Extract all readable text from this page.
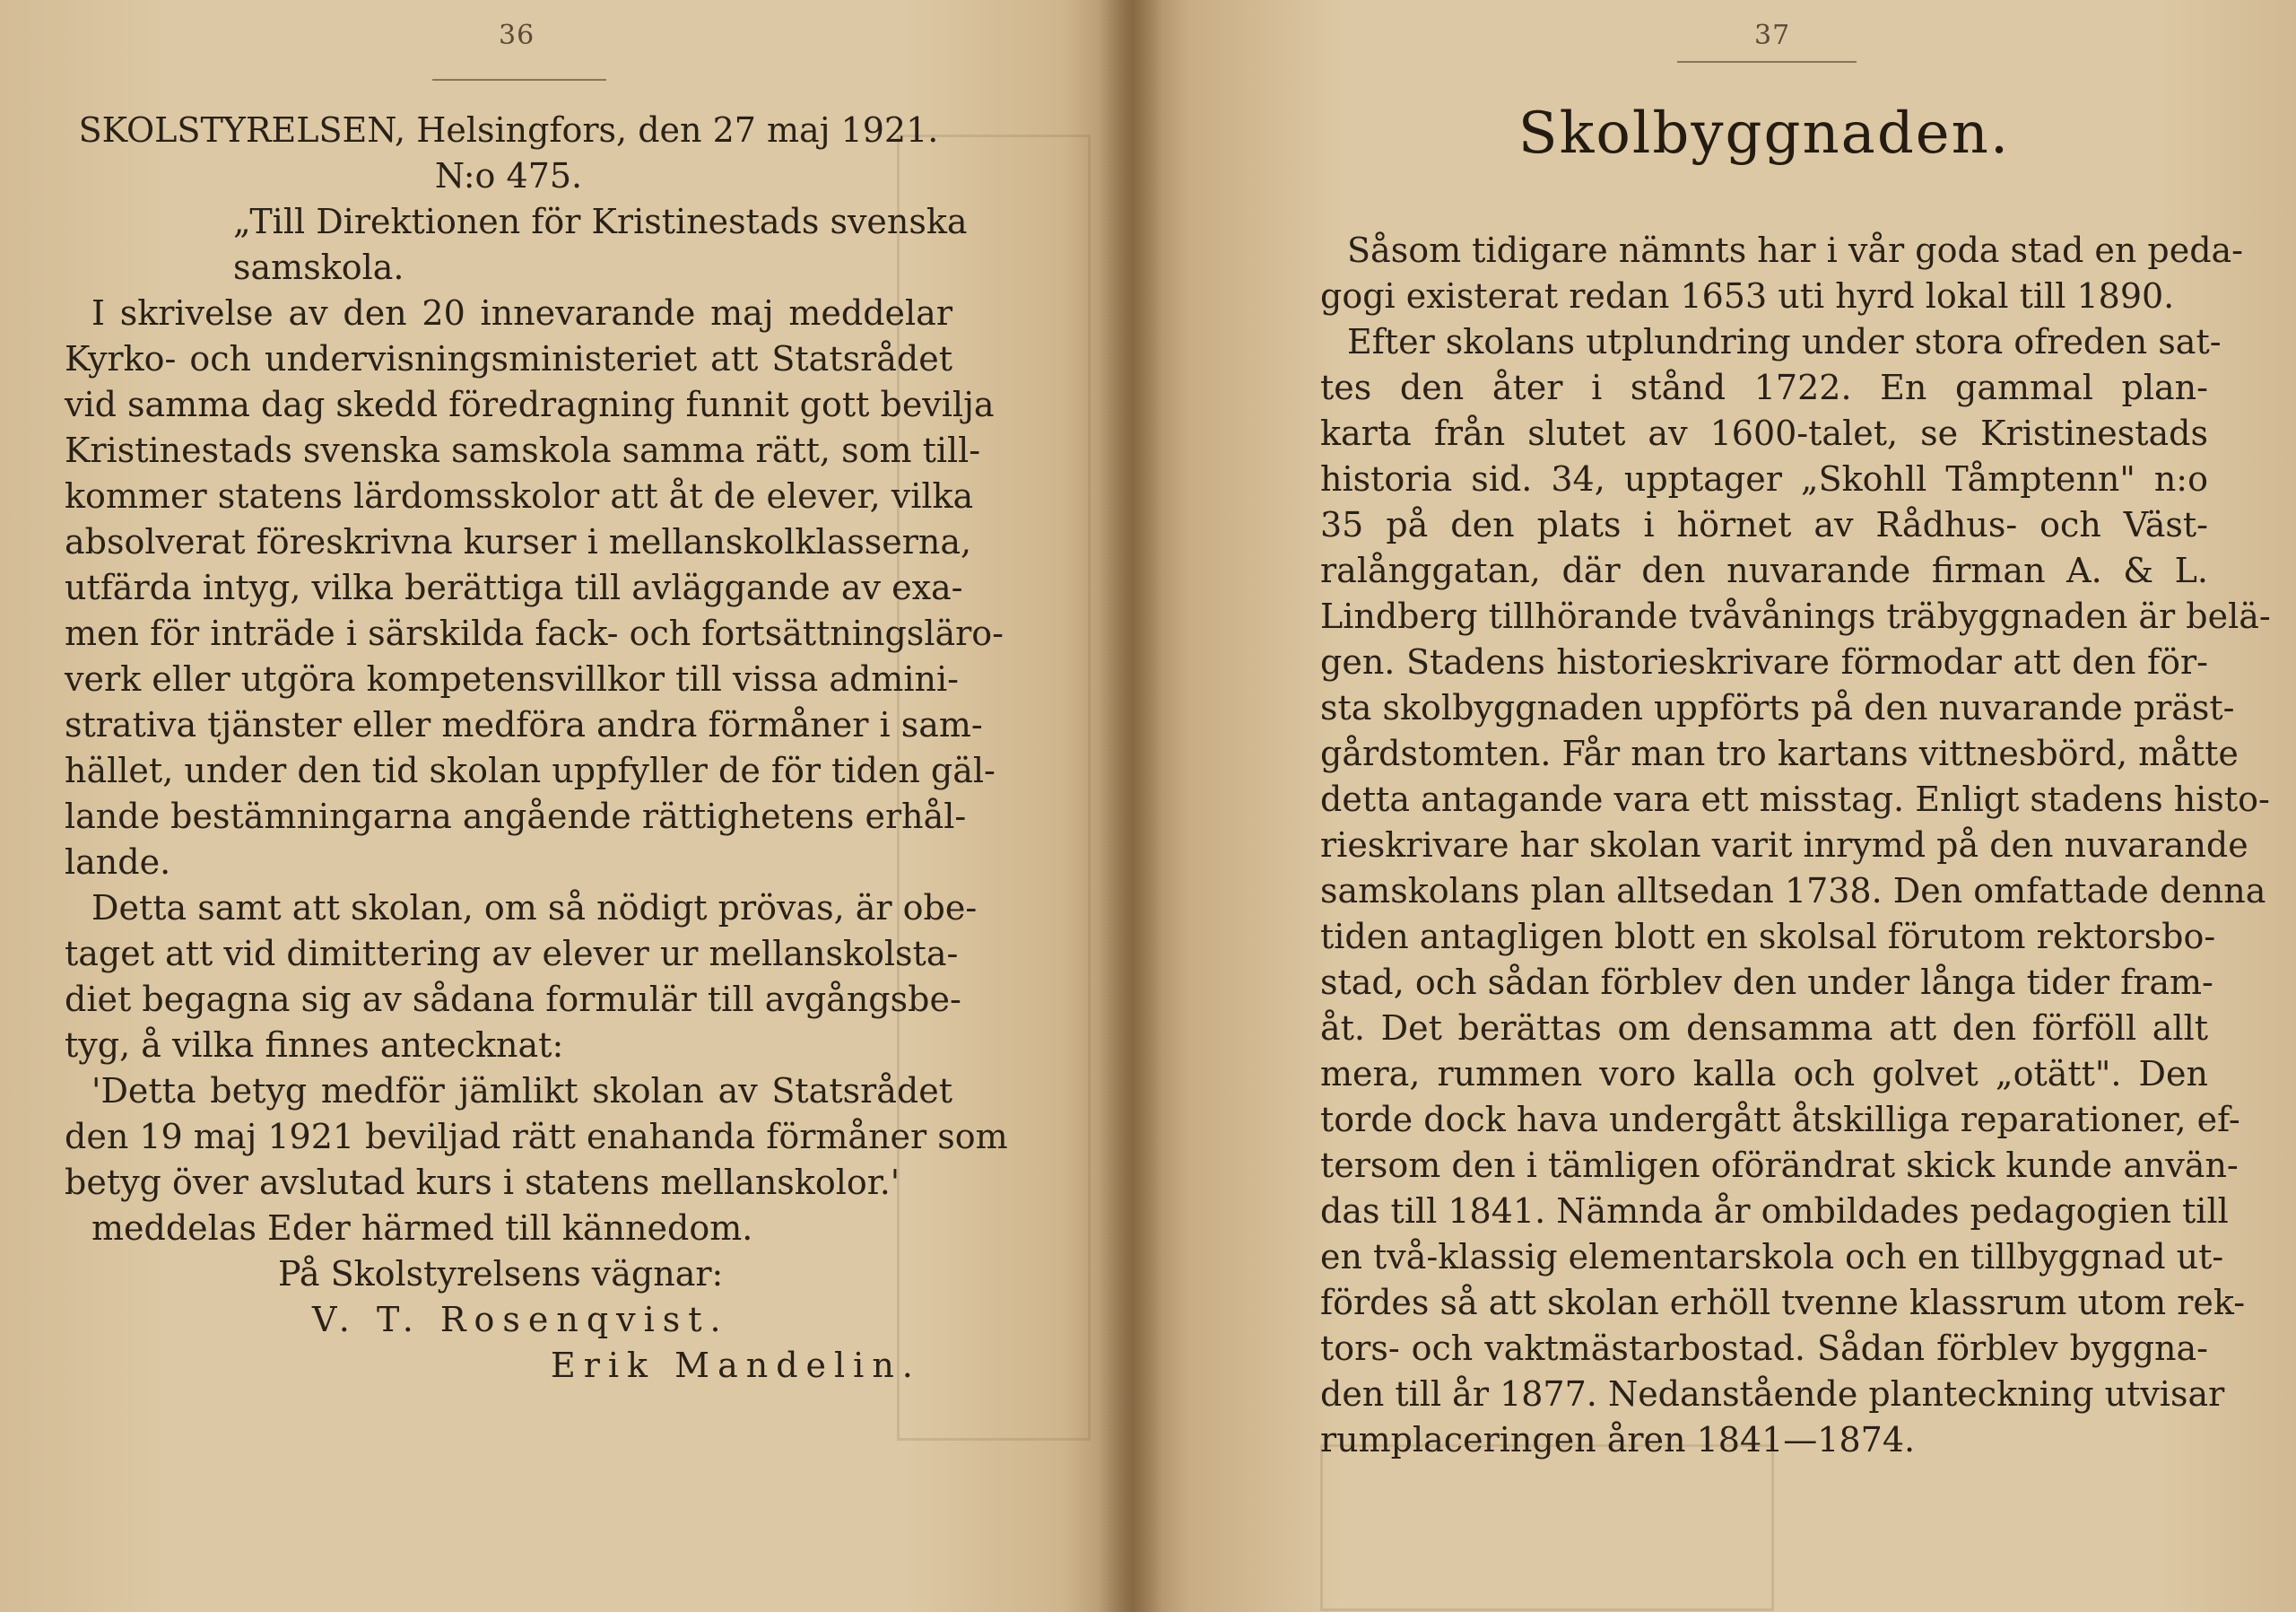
36	37
SKOLSTYRELSEN, Helsingfors, den 27 maj 1921.
N:o 475.
„Till Direktionen för Kristinestads svenska
samskola.
I skrivelse av den 20 innevarande maj meddelar
Kyrko- och undervisningsministeriet att Statsrådet
vid samma dag skedd föredragning funnit gott bevilja
Kristinestads svenska samskola samma rätt, som till-
kommer statens lärdomsskolor att åt de elever, vilka
absolverat föreskrivna kurser i mellanskolklasserna,
utfärda intyg, vilka berättiga till avläggande av exa-
men för inträde i särskilda fack- och fortsättningsläro-
verk eller utgöra kompetensvillkor till vissa admini-
strativa tjänster eller medföra andra förmåner i sam-
hället, under den tid skolan uppfyller de för tiden gäl-
lande bestämningarna angående rättighetens erhål-
lande.
Detta samt att skolan, om så nödigt prövas, är obe-
taget att vid dimittering av elever ur mellanskolsta-
diet begagna sig av sådana formulär till avgångsbe-
tyg, å vilka finnes antecknat:
'Detta betyg medför jämlikt skolan av Statsrådet
den 19 maj 1921 beviljad rätt enahanda förmåner som
betyg över avslutad kurs i statens mellanskolor.'
meddelas Eder härmed till kännedom.
På Skolstyrelsens vägnar:
V. T. Rosenqvist.
Erik Mandelin.
Skolbyggnaden.
Såsom tidigare nämnts har i vår goda stad en peda-
gogi existerat redan 1653 uti hyrd lokal till 1890.
Efter skolans utplundring under stora ofreden sat-
tes den åter i stånd 1722. En gammal plan-
karta från slutet av 1600-talet, se Kristinestads
historia sid. 34, upptager „Skohll Tåmptenn" n:o
35 på den plats i hörnet av Rådhus- och Väst-
ralånggatan, där den nuvarande firman A. & L.
Lindberg tillhörande tvåvånings träbyggnaden är belä-
gen. Stadens historieskrivare förmodar att den för-
sta skolbyggnaden uppförts på den nuvarande präst-
gårdstomten. Får man tro kartans vittnesbörd, måtte
detta antagande vara ett misstag. Enligt stadens histo-
rieskrivare har skolan varit inrymd på den nuvarande
samskolans plan alltsedan 1738. Den omfattade denna
tiden antagligen blott en skolsal förutom rektorsbo-
stad, och sådan förblev den under långa tider fram-
åt. Det berättas om densamma att den förföll allt
mera, rummen voro kalla och golvet „otätt". Den
torde dock hava undergått åtskilliga reparationer, ef-
tersom den i tämligen oförändrat skick kunde använ-
das till 1841. Nämnda år ombildades pedagogien till
en två-klassig elementarskola och en tillbyggnad ut-
fördes så att skolan erhöll tvenne klassrum utom rek-
tors- och vaktmästarbostad. Sådan förblev byggna-
den till år 1877. Nedanstående planteckning utvisar
rumplaceringen åren 1841—1874.
